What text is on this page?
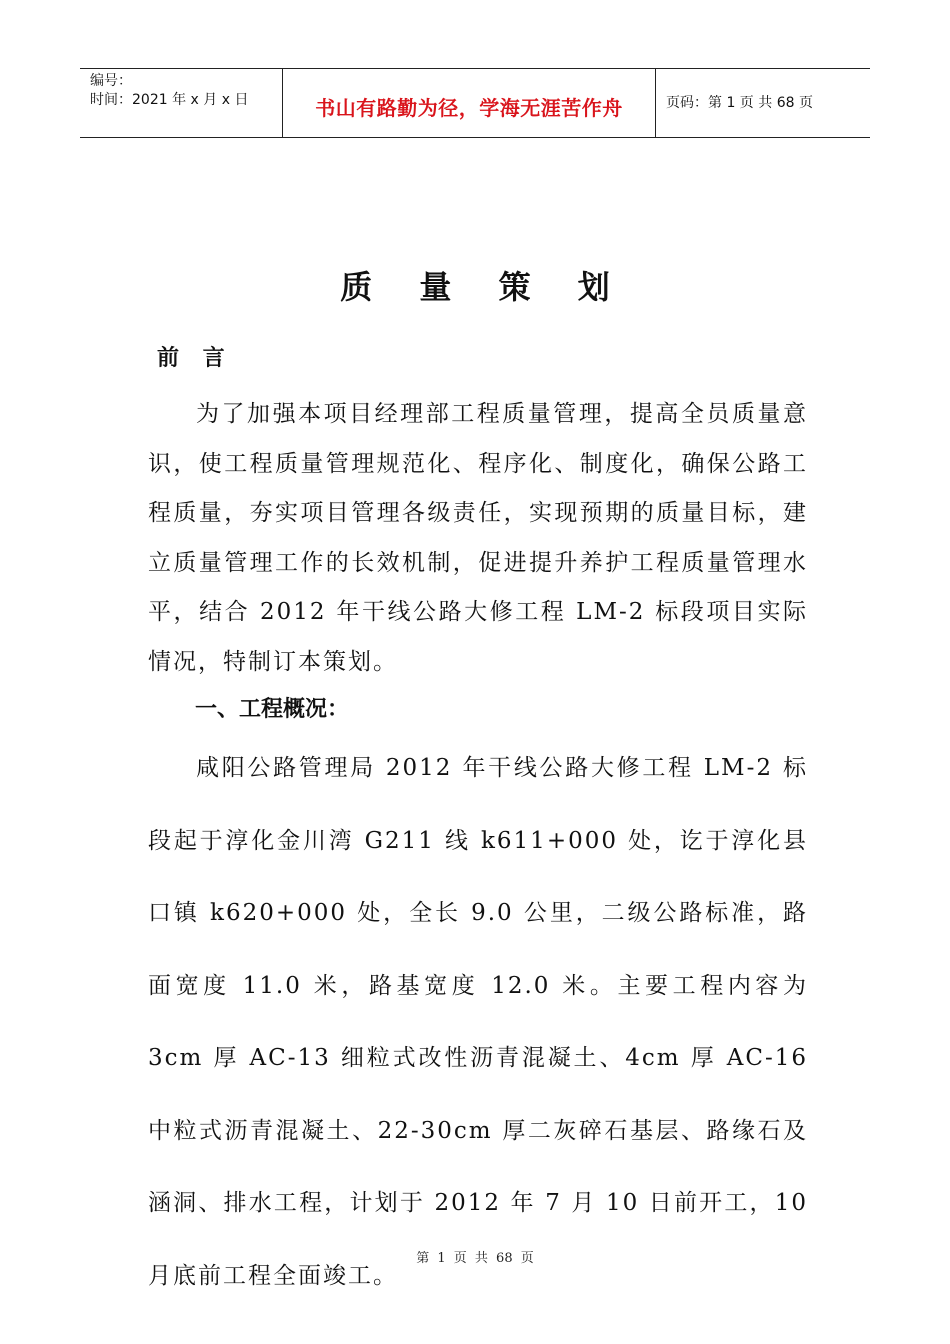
编号：
时间：2021 年 x 月 x 日	书山有路勤为径，学海无涯苦作舟	页码：第 1 页 共 68 页
质 量 策 划
前 言
为了加强本项目经理部工程质量管理，提高全员质量意识，使工程质量管理规范化、程序化、制度化，确保公路工程质量，夯实项目管理各级责任，实现预期的质量目标，建立质量管理工作的长效机制，促进提升养护工程质量管理水平，结合 2012 年干线公路大修工程 LM-2 标段项目实际情况，特制订本策划。
一、工程概况：
咸阳公路管理局 2012 年干线公路大修工程 LM-2 标段起于淳化金川湾 G211 线 k611+000 处，讫于淳化县口镇 k620+000 处，全长 9.0 公里，二级公路标准，路面宽度 11.0 米，路基宽度 12.0 米。主要工程内容为 3cm 厚 AC-13 细粒式改性沥青混凝土、4cm 厚 AC-16 中粒式沥青混凝土、22-30cm 厚二灰碎石基层、路缘石及涵洞、排水工程，计划于 2012 年 7 月 10 日前开工，10 月底前工程全面竣工。
第 1 页 共 68 页
